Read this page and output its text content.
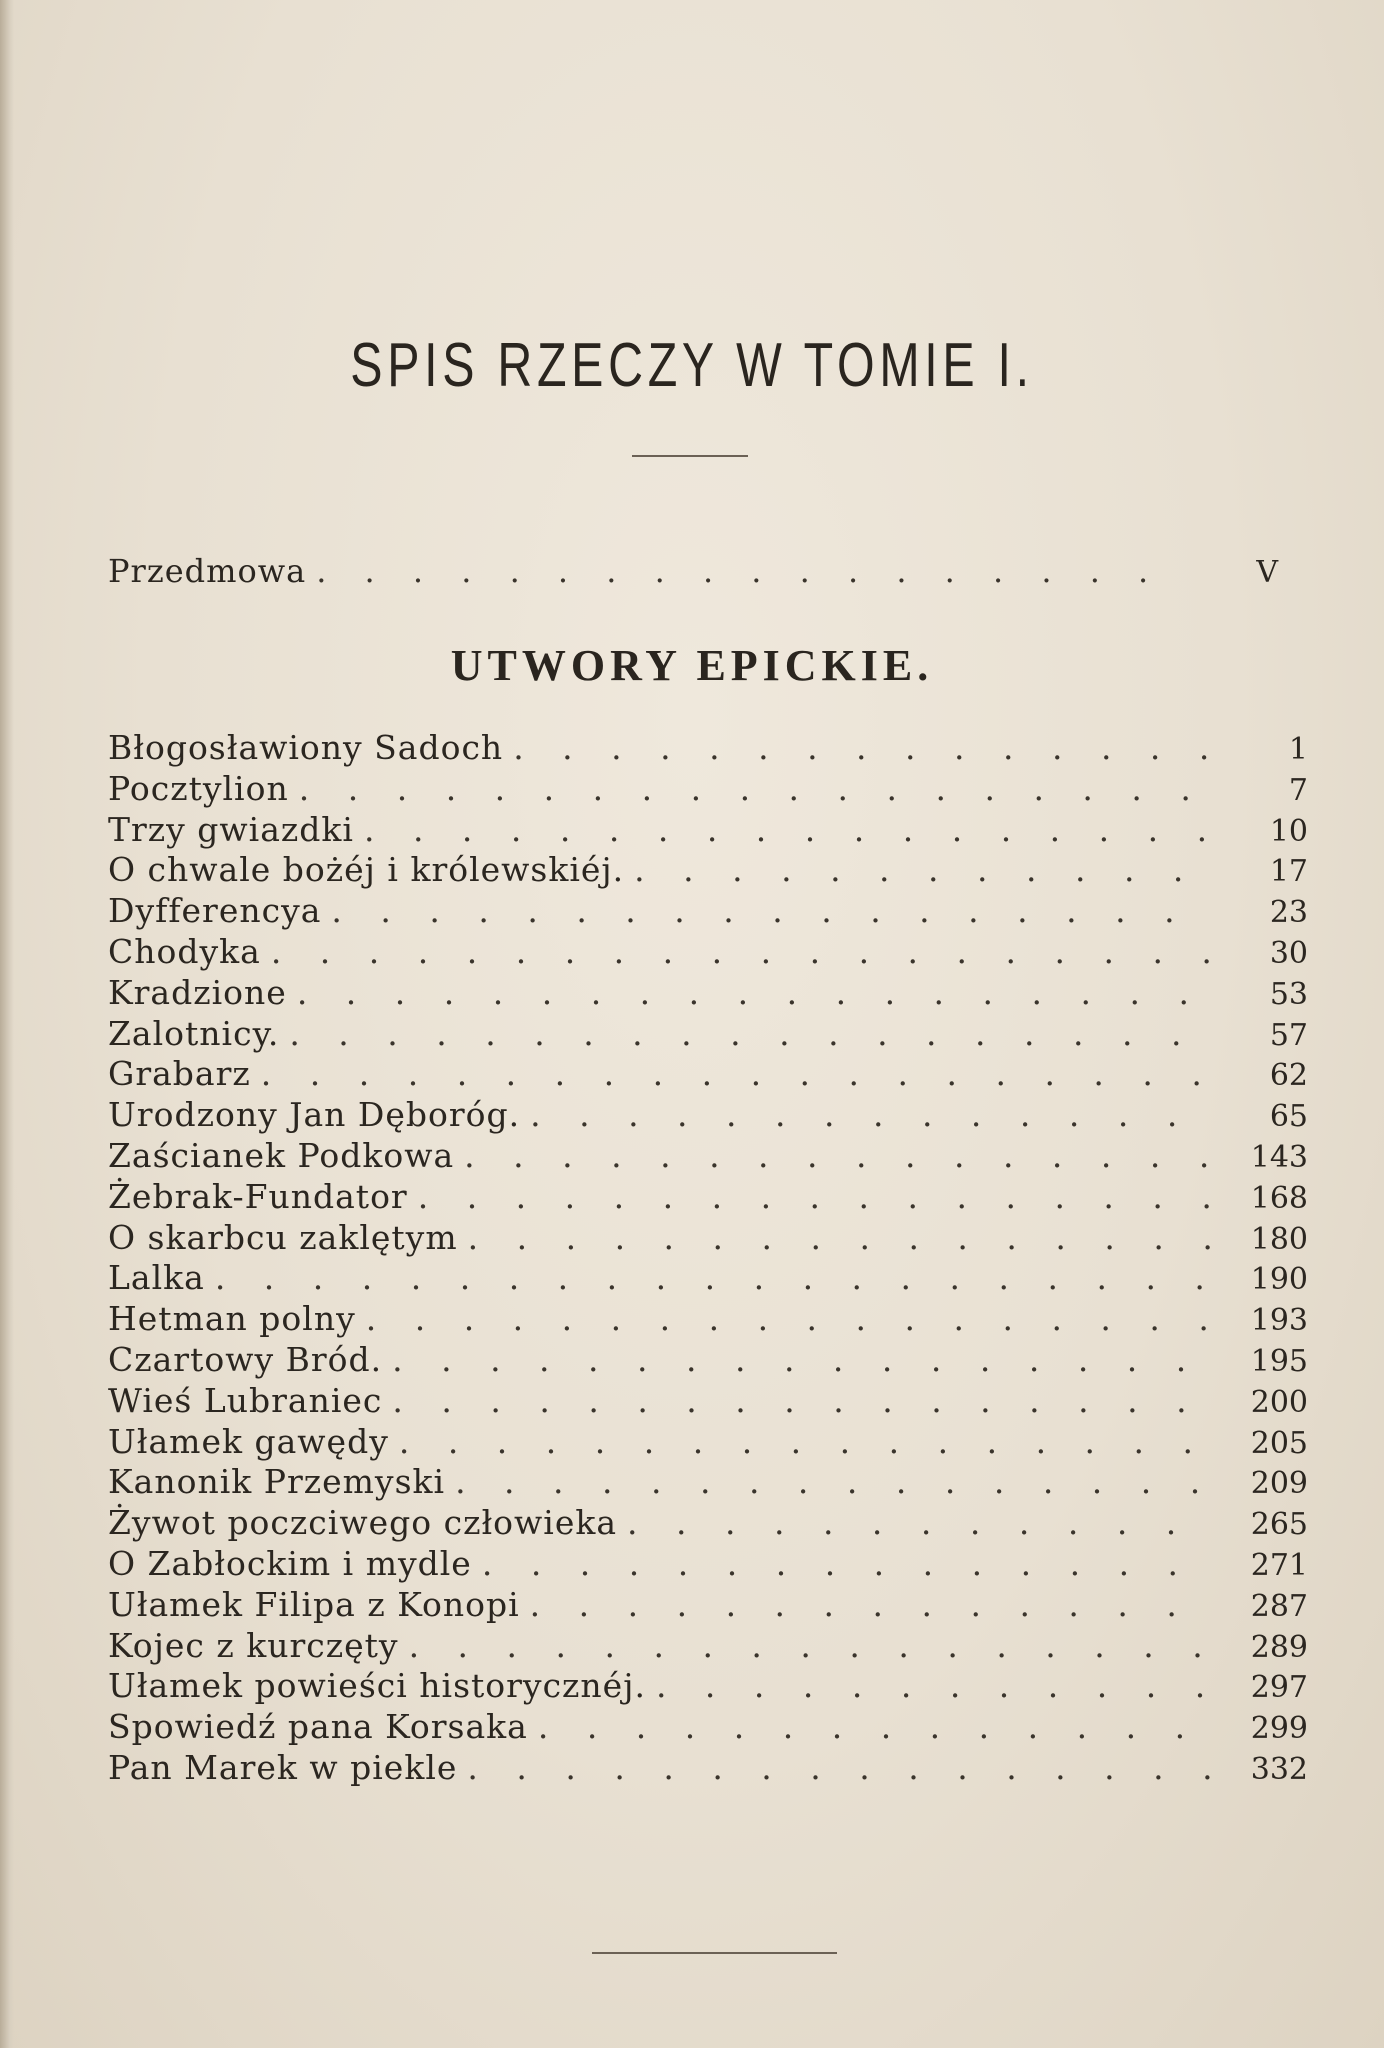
SPIS RZECZY W TOMIE I.
Przedmowa . . .	V
UTWORY EPICKIE.
Błogosławiony Sadoch . . .	1
Pocztylion . . .	7
Trzy gwiazdki . . .	10
O chwale bożéj i królewskiéj. . . .	17
Dyfferencya . . .	23
Chodyka . . .	30
Kradzione . . .	53
Zalotnicy. . . .	57
Grabarz . . .	62
Urodzony Jan Dęboróg. . . .	65
Zaścianek Podkowa . . .	143
Żebrak-Fundator . . .	168
O skarbcu zaklętym . . .	180
Lalka . . .	190
Hetman polny . . .	193
Czartowy Bród. . . .	195
Wieś Lubraniec . . .	200
Ułamek gawędy . . .	205
Kanonik Przemyski . . .	209
Żywot poczciwego człowieka . . .	265
O Zabłockim i mydle . . .	271
Ułamek Filipa z Konopi . . .	287
Kojec z kurczęty . . .	289
Ułamek powieści historycznéj. . . .	297
Spowiedź pana Korsaka . . .	299
Pan Marek w piekle . . .	332
